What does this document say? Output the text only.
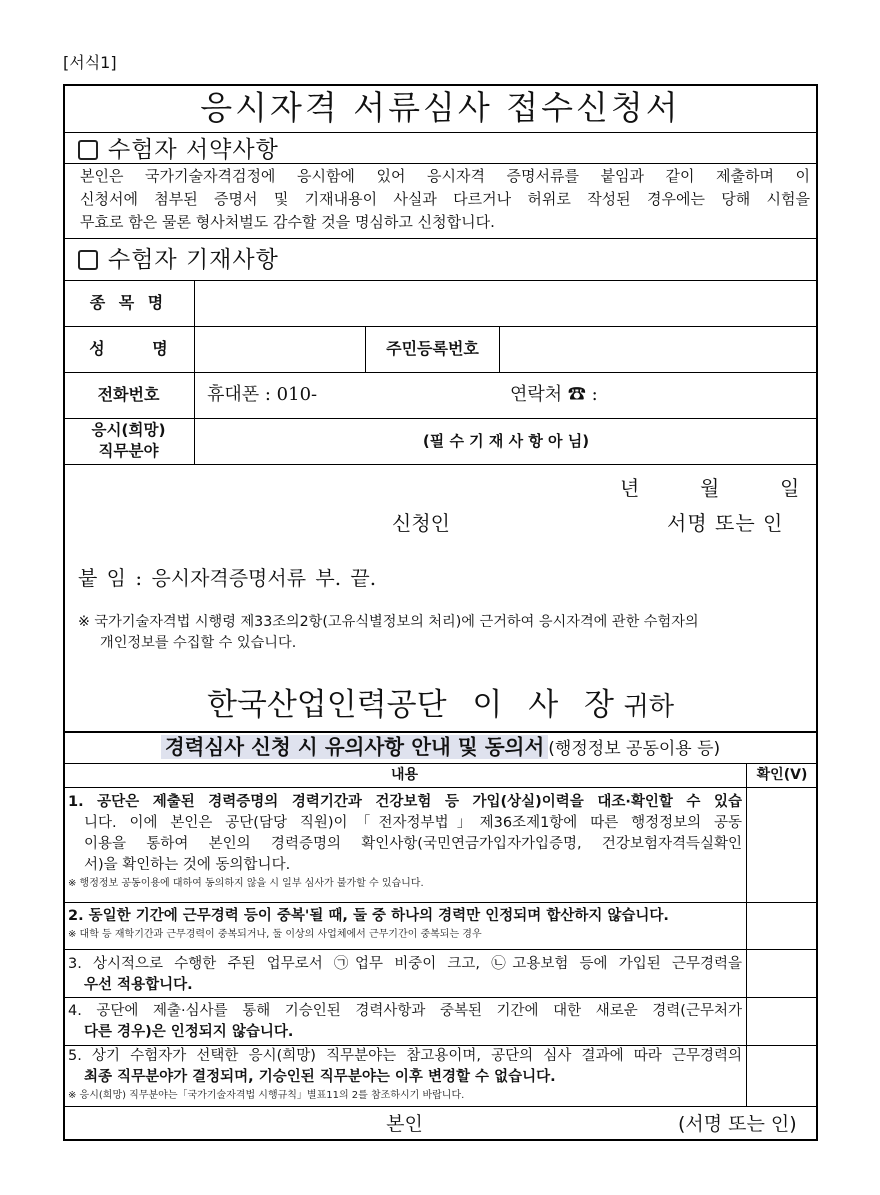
[서식1]
응시자격 서류심사 접수신청서
수험자 서약사항
본인은 국가기술자격검정에 응시함에 있어 응시자격 증명서류를 붙임과 같이 제출하며 이
신청서에 첨부된 증명서 및 기재내용이 사실과 다르거나 허위로 작성된 경우에는 당해 시험을
무효로 함은 물론 형사처벌도 감수할 것을 명심하고 신청합니다.
수험자 기재사항
종 목 명
성 명	주민등록번호
전화번호	휴대폰 : 010-	연락처 ☎ :
응시(희망)
직무분야
(필 수 기 재 사 항 아 님)
년	월	일
신청인	서명 또는 인
붙 임 : 응시자격증명서류 부. 끝.
※ 국가기술자격법 시행령 제33조의2항(고유식별정보의 처리)에 근거하여 응시자격에 관한 수험자의
개인정보를 수집할 수 있습니다.
한국산업인력공단 이 사 장 귀하
경력심사 신청 시 유의사항 안내 및 동의서 (행정정보 공동이용 등)
내용	확인(V)
1. 공단은 제출된 경력증명의 경력기간과 건강보험 등 가입(상실)이력을 대조·확인할 수 있습
니다. 이에 본인은 공단(담당 직원)이「전자정부법」제36조제1항에 따른 행정정보의 공동
이용을 통하여 본인의 경력증명의 확인사항(국민연금가입자가입증명, 건강보험자격득실확인
서)을 확인하는 것에 동의합니다.
※ 행정정보 공동이용에 대하여 동의하지 않을 시 일부 심사가 불가할 수 있습니다.
2. 동일한 기간에 근무경력 등이 중복'될 때, 둘 중 하나의 경력만 인정되며 합산하지 않습니다.
※ 대학 등 재학기간과 근무경력이 중복되거나, 둘 이상의 사업체에서 근무기간이 중복되는 경우
3. 상시적으로 수행한 주된 업무로서 ㉠업무 비중이 크고, ㉡고용보험 등에 가입된 근무경력을
우선 적용합니다.
4. 공단에 제출·심사를 통해 기승인된 경력사항과 중복된 기간에 대한 새로운 경력(근무처가
다른 경우)은 인정되지 않습니다.
5. 상기 수험자가 선택한 응시(희망) 직무분야는 참고용이며, 공단의 심사 결과에 따라 근무경력의
최종 직무분야가 결정되며, 기승인된 직무분야는 이후 변경할 수 없습니다.
※ 응시(희망) 직무분야는「국가기술자격법 시행규칙」별표11의 2를 참조하시기 바랍니다.
본인	(서명 또는 인)
